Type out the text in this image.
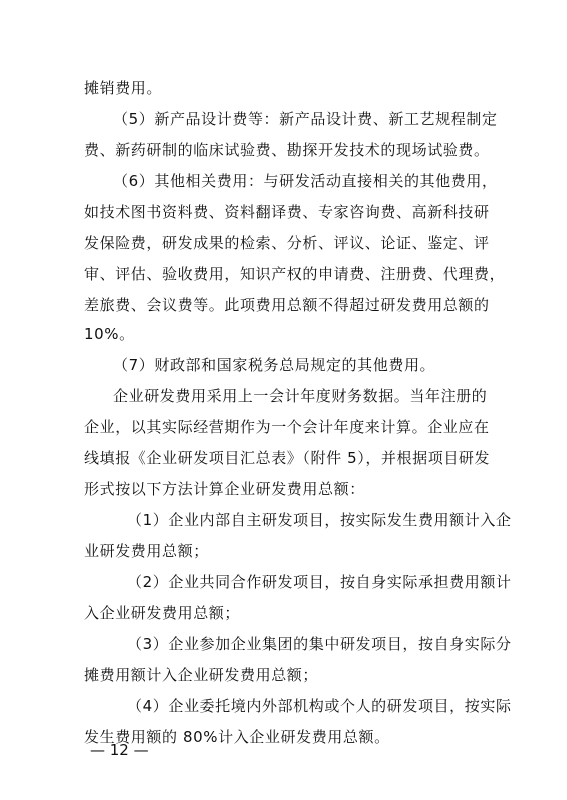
摊销费用。
（5）新产品设计费等：新产品设计费、新工艺规程制定
费、新药研制的临床试验费、勘探开发技术的现场试验费。
（6）其他相关费用：与研发活动直接相关的其他费用，
如技术图书资料费、资料翻译费、专家咨询费、高新科技研
发保险费，研发成果的检索、分析、评议、论证、鉴定、评
审、评估、验收费用，知识产权的申请费、注册费、代理费，
差旅费、会议费等。此项费用总额不得超过研发费用总额的
10%。
（7）财政部和国家税务总局规定的其他费用。
企业研发费用采用上一会计年度财务数据。当年注册的
企业，以其实际经营期作为一个会计年度来计算。企业应在
线填报《企业研发项目汇总表》（附件 5），并根据项目研发
形式按以下方法计算企业研发费用总额：
（1）企业内部自主研发项目，按实际发生费用额计入企
业研发费用总额；
（2）企业共同合作研发项目，按自身实际承担费用额计
入企业研发费用总额；
（3）企业参加企业集团的集中研发项目，按自身实际分
摊费用额计入企业研发费用总额；
（4）企业委托境内外部机构或个人的研发项目，按实际
发生费用额的 80%计入企业研发费用总额。
— 12 —
